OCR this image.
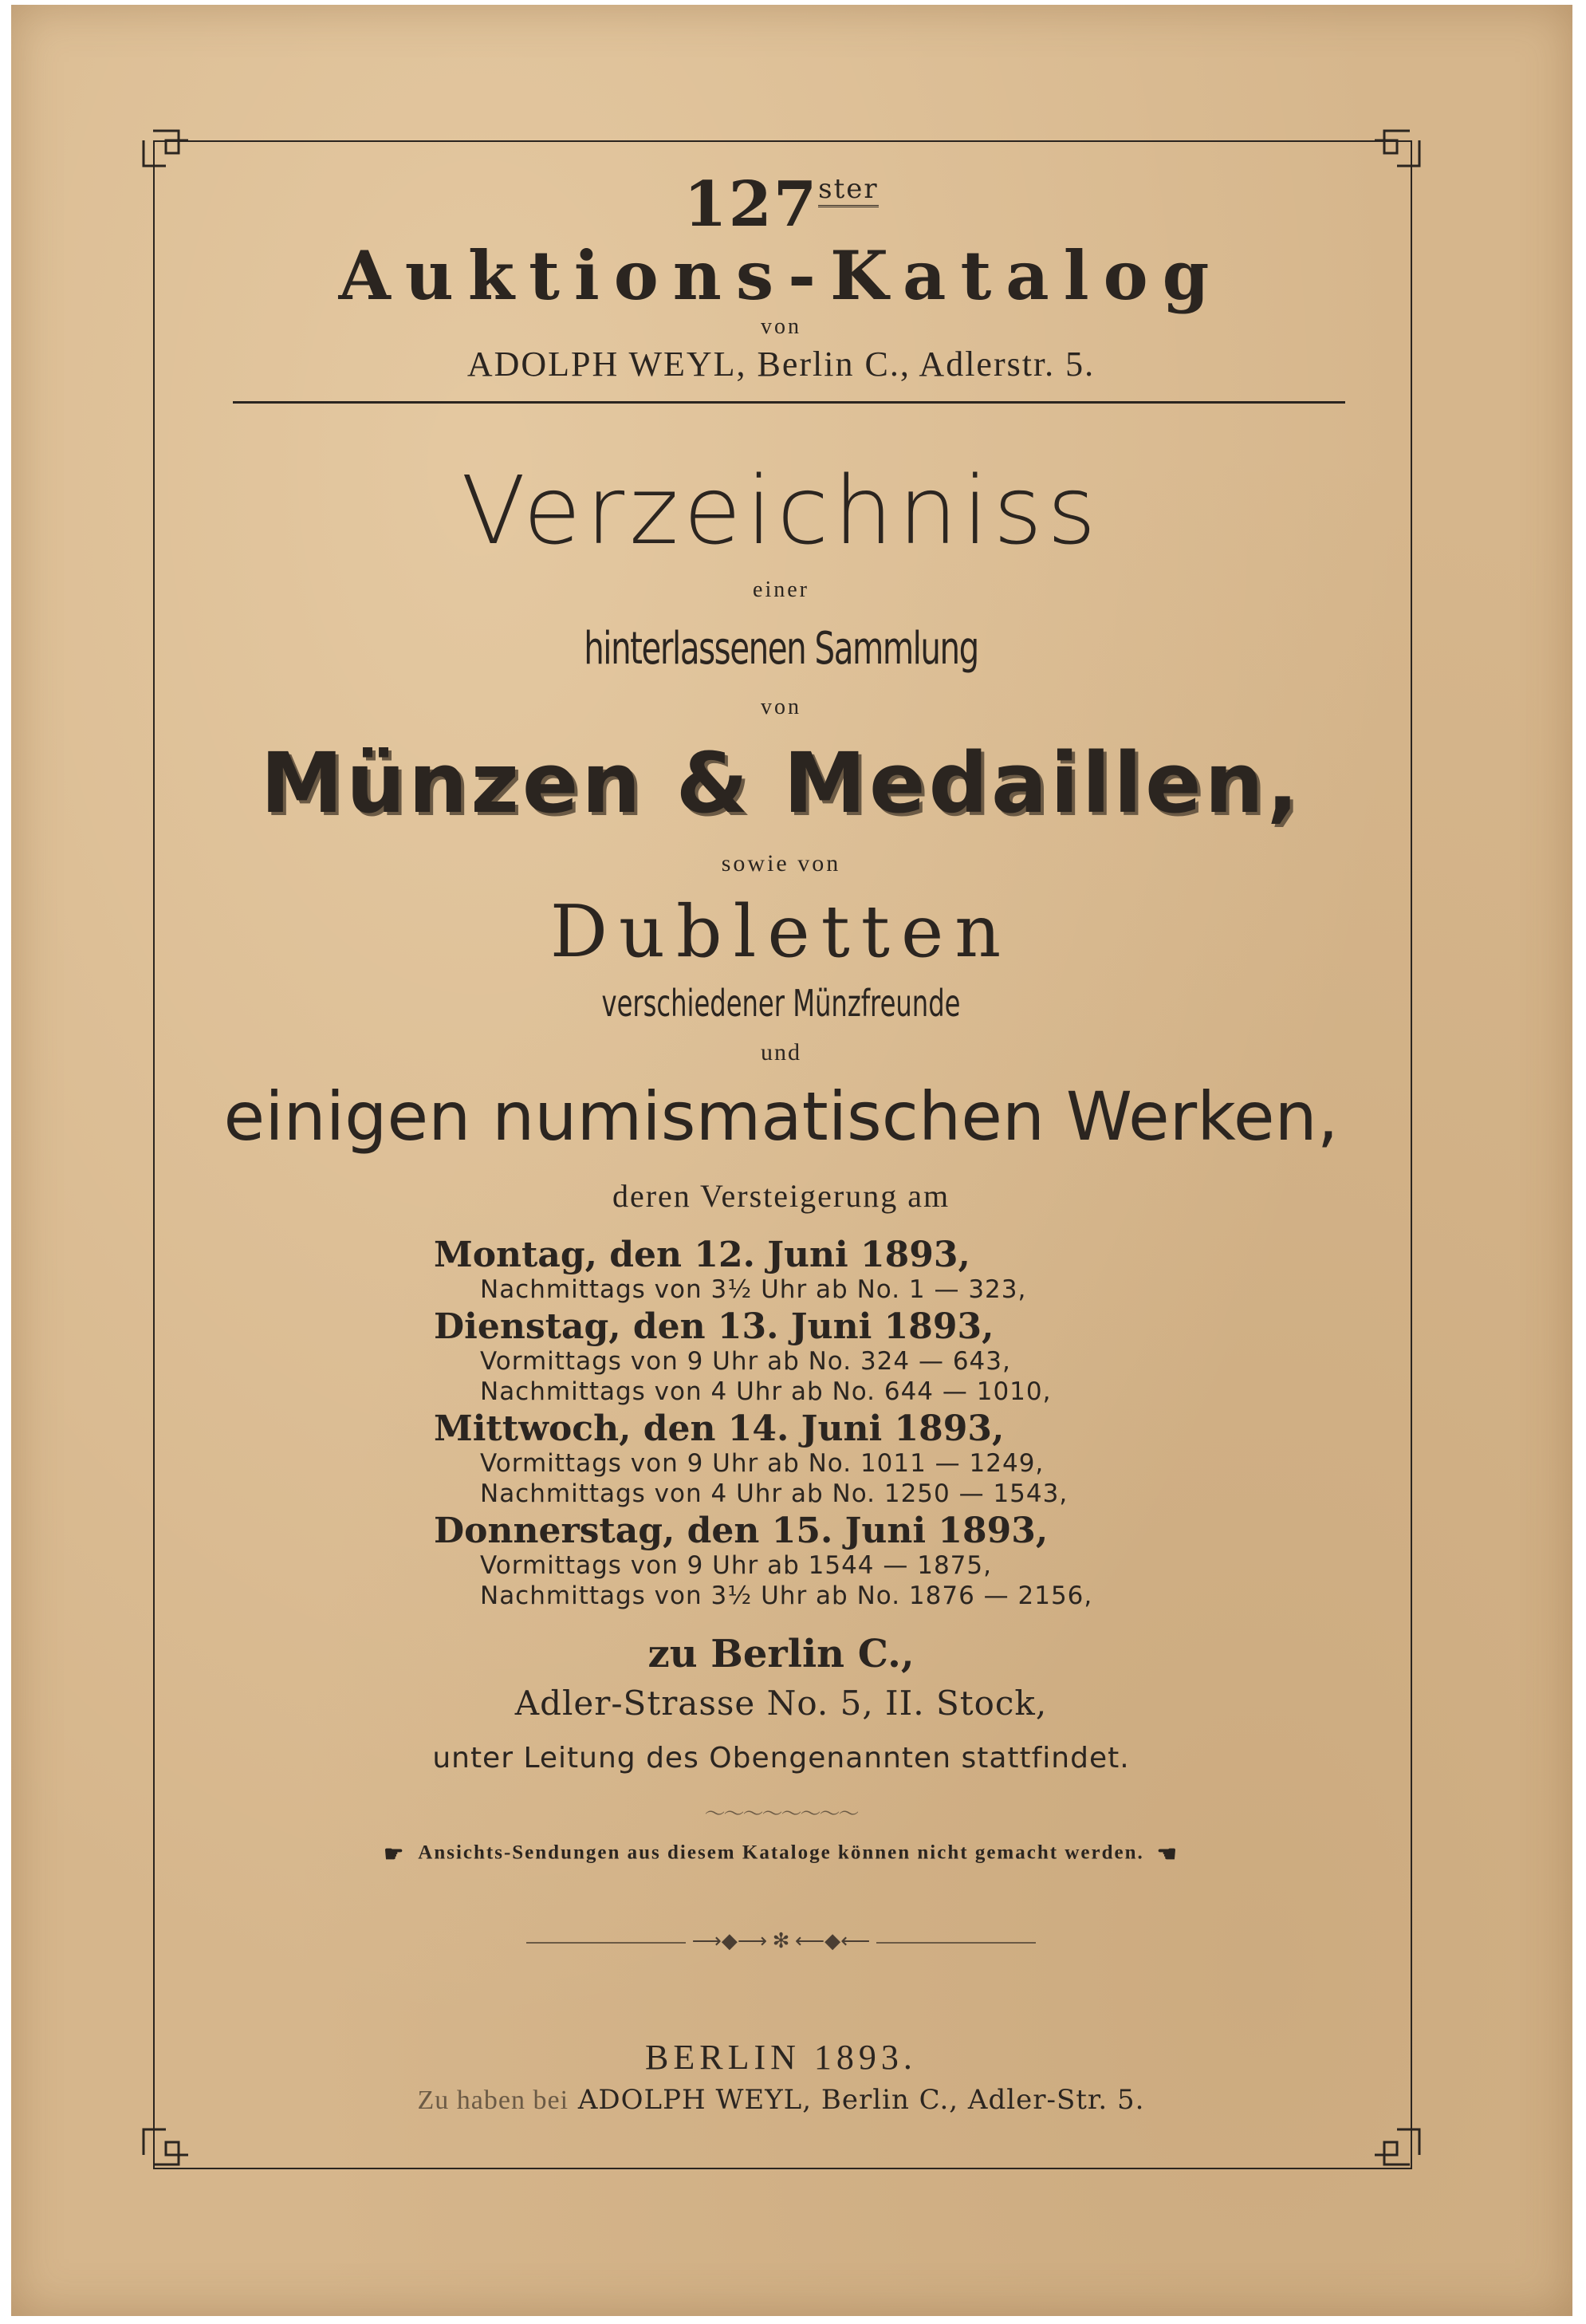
$127^{ster}$
Auktions-Katalog
von
ADOLPH WEYL, Berlin C., Adlerstr. 5.
Verzeichniss
einer
hinterlassenen Sammlung
von
Münzen & Medaillen,
sowie von
Dubletten
verschiedener Münzfreunde
und
einigen numismatischen Werken,
deren Versteigerung am
Montag, den 12. Juni 1893,
Nachmittags von 3½ Uhr ab No. 1 — 323,
Dienstag, den 13. Juni 1893,
Vormittags von 9 Uhr ab No. 324 — 643,
Nachmittags von 4 Uhr ab No. 644 — 1010,
Mittwoch, den 14. Juni 1893,
Vormittags von 9 Uhr ab No. 1011 — 1249,
Nachmittags von 4 Uhr ab No. 1250 — 1543,
Donnerstag, den 15. Juni 1893,
Vormittags von 9 Uhr ab 1544 — 1875,
Nachmittags von 3½ Uhr ab No. 1876 — 2156,
zu Berlin C.,
Adler-Strasse No. 5, II. Stock,
unter Leitung des Obengenannten stattfindet.
〜〜〜〜〜〜〜〜
☛ Ansichts-Sendungen aus diesem Kataloge können nicht gemacht werden. ☚
⟶◆⟶ ✻ ⟵◆⟵
BERLIN 1893.
Zu haben bei ADOLPH WEYL, Berlin C., Adler-Str. 5.
